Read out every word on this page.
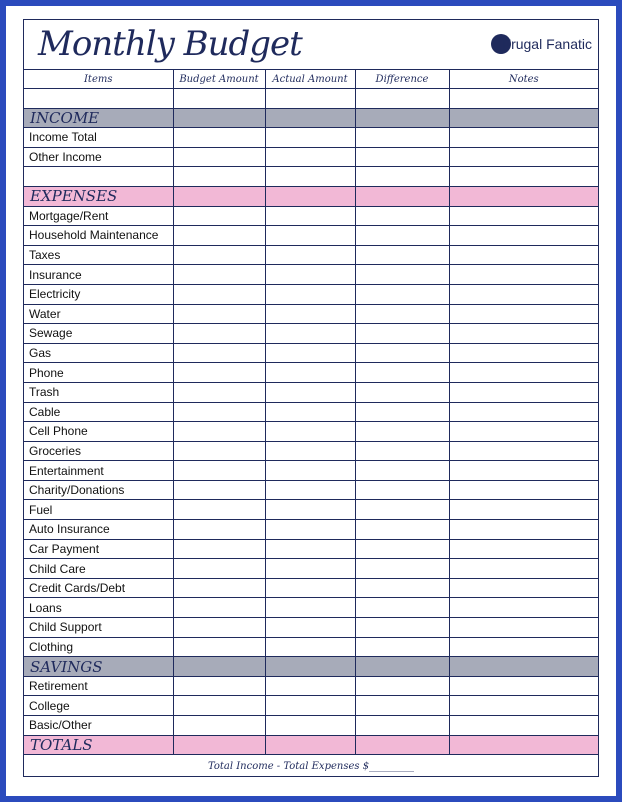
Monthly Budget	Frugal Fanatic
Items	Budget Amount	Actual Amount	Difference	Notes

INCOME				
Income Total				
Other Income				

EXPENSES				
Mortgage/Rent				
Household Maintenance				
Taxes				
Insurance				
Electricity				
Water				
Sewage				
Gas				
Phone				
Trash				
Cable				
Cell Phone				
Groceries				
Entertainment				
Charity/Donations				
Fuel				
Auto Insurance				
Car Payment				
Child Care				
Credit Cards/Debt				
Loans				
Child Support				
Clothing				
SAVINGS				
Retirement				
College				
Basic/Other				
TOTALS				
Total Income - Total Expenses $_________
